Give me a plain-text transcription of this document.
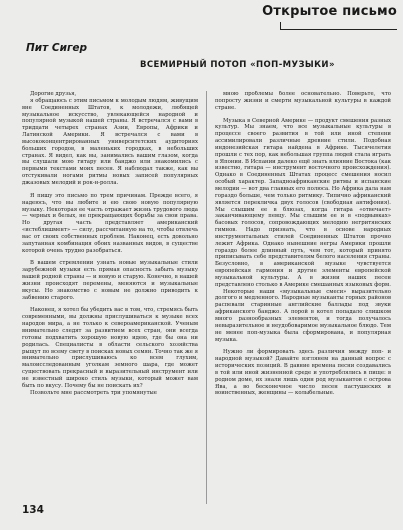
Открытое письмо
Пит Сигер
ВСЕМИРНЫЙ ПОТОП «ПОП-МУЗЫКИ»

Дорогие друзья,

я обращаюсь с этим письмом к молодым людям, живущим вне Соединенных Штатов, к молодежи, любящей музыкальное искусство, увлекающейся народной и популярной музыкой нашей страны. Я встречался с вами в тридцати четырех странах Азии, Европы, Африки и Латинской Америки. Я встречался с вами в высококонцентрированных университетских аудиториях больших городов, в маленьких городках, в небольших странах. Я видел, как вы, занимались вашим глазом, когда вы слушали мою гитару или банджо или знакомились с первыми текстами моих песен. Я наблюдал также, как вы отстукивали ногами ритмы новых записей популярных джазовых мелодий и рок-н-ролла.

Я пишу это письмо по трем причинам. Прежде всего, я надеюсь, что вы любите и ею свою новую популярную музыку. Некоторая ее часть отражает жизнь трудового люда — черных и белых, не прекращающих борьбы за свои права. Но другая часть представляет американский «истеблишмент» — силу, рассчитанную на то, чтобы отвлечь вас от своих собственных проблем. Наконец, есть довольно запутанная комбинация обоих названных видов, в существе которой очень трудно разобраться.

В вашем стремлении узнать новые музыкальные стили зарубежной музыки есть прямая опасность забыть музыку вашей родной страны — и новую и старую. Конечно, в нашей жизни происходят перемены, меняются и музыкальные вкусы. Но знакомство с новым не должно приводить к забвению старого.

Наконец, я хотел бы убедить вас в том, что, стремясь быть современными, вы должны прислушиваться к музыке всех народов мира, а не только к североамериканской. Ученым внимательно следят за развитием всех стран, они всегда готовы подхватить хорошую новую идею, где бы она ни родилась. Специалисты в области сельского хозяйства рыщут по всему свету в поисках новых семян. Точно так же я внимательно прислушиваюсь ко всем глухим, малоисследованным уголкам земного шара, где может существовать прекрасный и выразительный инструмент или не известный широко стиль музыки, который может вам быть по вкусу. Почему бы не поискать их?

Позвольте мне рассмотреть три упомянутые

мною проблемы более основательно. Поверьте, что попросту жизни и смерти музыкальной культуры в каждой стране.

Музыка в Северной Америке — продукт смешения разных культур. Мы знаем, что все музыкальные культуры в процессе своего развития в той или иной степени ассимилировали различные древние стили. Подобная индонезийская гитара найдена в Африке. Тысячелетия прошли с тех пор, как небольшая группа людей стала играть в Японии. В Испании далеко ещё знать влияние Востока (как известно, гитара — инструмент восточного происхождения). Однако в Соединенных Штатах процесс смешения носил особый характер. Западноафриканские ритмы и испанские мелодии — вот два главных его полюса. Но Африка дала нам гораздо больше, чем только ритмику. Типично африканский является перекличка двух голосов (свободная антифония). Мы слышим ее в блюзах, когда гитара «отвечает» заканчивающему певцу. Мы слышим ее и в «подвывках» басовых голосов, сопровождающих мелодию негритянских гимнов. Надо признать, что в основе народных инструментальных стилей Соединенных Штатов прочно лежит Африка. Однако нынешние негры Америки прошли гораздо более длинный путь, чем тот, который принято приписывать себе представителям белого населения страны. Безусловно, в американской музыке чувствуется европейская гармония и другие элементы европейской музыкальной культуры. А в жизни наших песен представлено столько в Америке смешанных языковых форм.

Некоторые наши «музыкальные смеси» выразительно долгого и медленного. Народные музыканты горных районов распевали старинные английские баллады под звуки африканского банджо. А порой в котел попадало слишком много разнообразных элементов, и тогда получалось невыразительное и неудобоваримое музыкальное блюдо. Тем не менее поп-музыка была сформирована, и популярная музыка.

Нужно ли формировать здесь различия между поп- и народной музыкой? Давайте взглянем на данный вопрос с исторических позиций. В давние времена песни создавались в той или иной жизненной среде и употреблялись в пище: в родном доме, их знали лишь один род музыкантов с острова Ява, а во бесконечное число песен пастушеских и воинственных, женщины — колыбельные.

134
